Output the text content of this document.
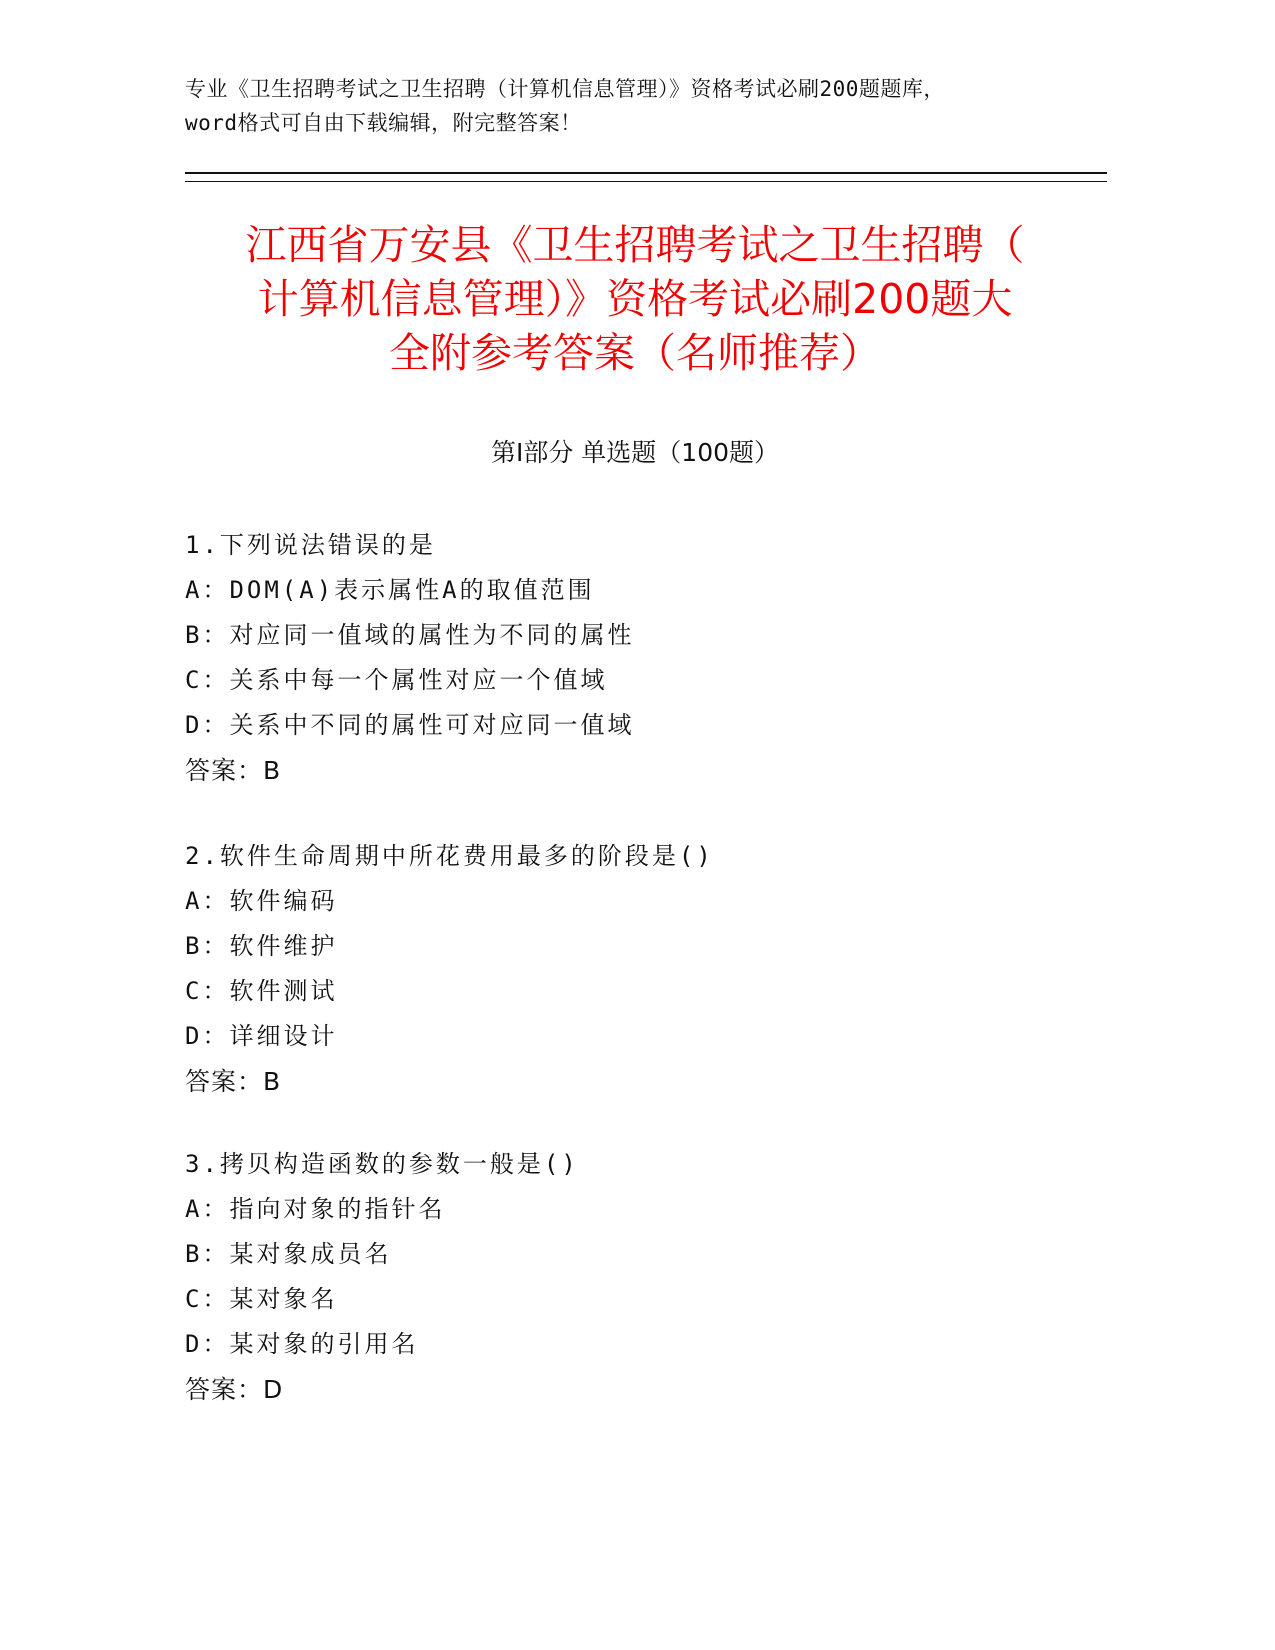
专业《卫生招聘考试之卫生招聘（计算机信息管理）》资格考试必刷200题题库，
word格式可自由下载编辑，附完整答案！
江西省万安县《卫生招聘考试之卫生招聘（
计算机信息管理）》资格考试必刷200题大
全附参考答案（名师推荐）
第Ⅰ部分 单选题（100题）
1.下列说法错误的是
A：DOM(A)表示属性A的取值范围
B：对应同一值域的属性为不同的属性
C：关系中每一个属性对应一个值域
D：关系中不同的属性可对应同一值域
答案：B
2.软件生命周期中所花费用最多的阶段是()
A：软件编码
B：软件维护
C：软件测试
D：详细设计
答案：B
3.拷贝构造函数的参数一般是()
A：指向对象的指针名
B：某对象成员名
C：某对象名
D：某对象的引用名
答案：D
